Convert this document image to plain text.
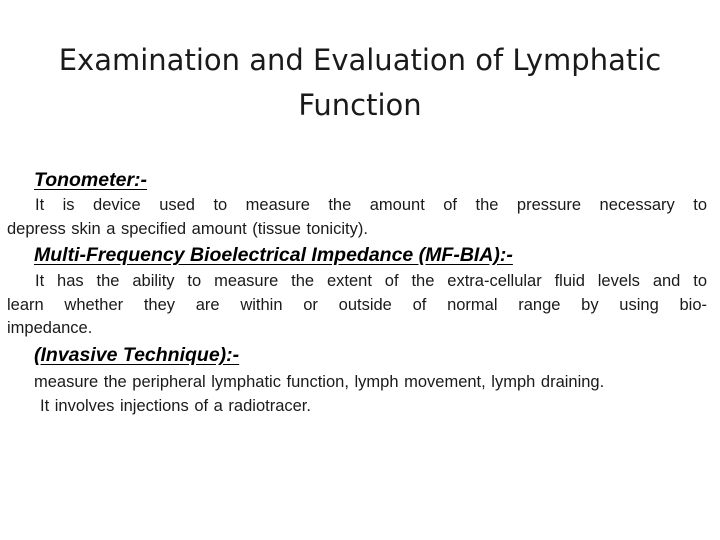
Examination and Evaluation of Lymphatic
Function
Tonometer:-
It is device used to measure the amount of the pressure necessary to
depress skin a specified amount (tissue tonicity).
Multi-Frequency Bioelectrical Impedance (MF-BIA):-
It has the ability to measure the extent of the extra-cellular fluid levels and to
learn whether they are within or outside of normal range by using bio-
impedance.
(Invasive Technique):-
measure the peripheral lymphatic function, lymph movement, lymph draining.
It involves injections of a radiotracer.
